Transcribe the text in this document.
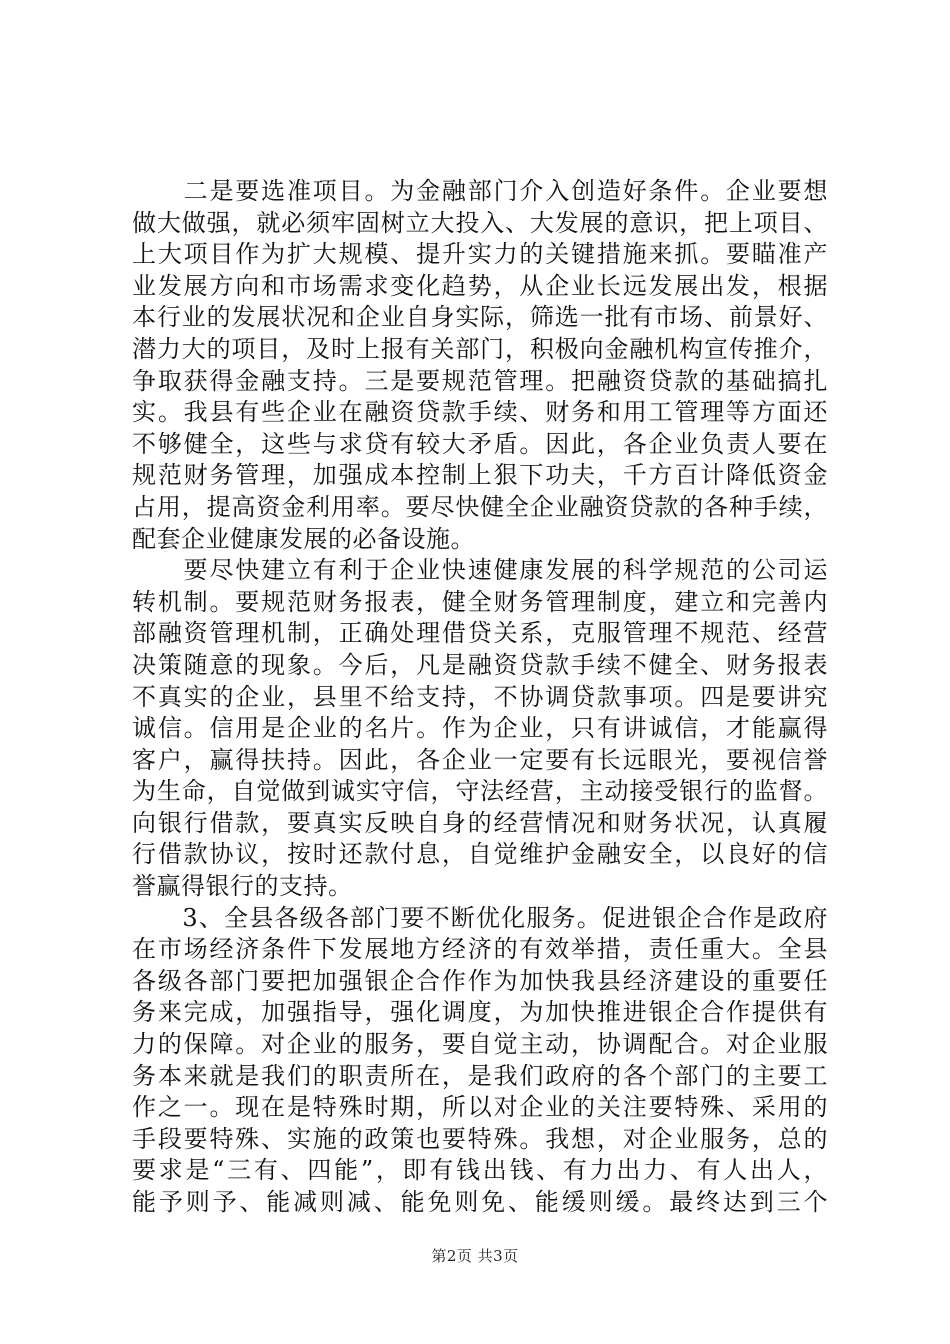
　　二是要选准项目。为金融部门介入创造好条件。企业要想
做大做强，就必须牢固树立大投入、大发展的意识，把上项目、
上大项目作为扩大规模、提升实力的关键措施来抓。要瞄准产
业发展方向和市场需求变化趋势，从企业长远发展出发，根据
本行业的发展状况和企业自身实际，筛选一批有市场、前景好、
潜力大的项目，及时上报有关部门，积极向金融机构宣传推介，
争取获得金融支持。三是要规范管理。把融资贷款的基础搞扎
实。我县有些企业在融资贷款手续、财务和用工管理等方面还
不够健全，这些与求贷有较大矛盾。因此，各企业负责人要在
规范财务管理，加强成本控制上狠下功夫，千方百计降低资金
占用，提高资金利用率。要尽快健全企业融资贷款的各种手续，
配套企业健康发展的必备设施。
　　要尽快建立有利于企业快速健康发展的科学规范的公司运
转机制。要规范财务报表，健全财务管理制度，建立和完善内
部融资管理机制，正确处理借贷关系，克服管理不规范、经营
决策随意的现象。今后，凡是融资贷款手续不健全、财务报表
不真实的企业，县里不给支持，不协调贷款事项。四是要讲究
诚信。信用是企业的名片。作为企业，只有讲诚信，才能赢得
客户，赢得扶持。因此，各企业一定要有长远眼光，要视信誉
为生命，自觉做到诚实守信，守法经营，主动接受银行的监督。
向银行借款，要真实反映自身的经营情况和财务状况，认真履
行借款协议，按时还款付息，自觉维护金融安全，以良好的信
誉赢得银行的支持。
　　3、全县各级各部门要不断优化服务。促进银企合作是政府
在市场经济条件下发展地方经济的有效举措，责任重大。全县
各级各部门要把加强银企合作作为加快我县经济建设的重要任
务来完成，加强指导，强化调度，为加快推进银企合作提供有
力的保障。对企业的服务，要自觉主动，协调配合。对企业服
务本来就是我们的职责所在，是我们政府的各个部门的主要工
作之一。现在是特殊时期，所以对企业的关注要特殊、采用的
手段要特殊、实施的政策也要特殊。我想，对企业服务，总的
要求是“三有、四能”，即有钱出钱、有力出力、有人出人，
能予则予、能减则减、能免则免、能缓则缓。最终达到三个
第2页 共3页
